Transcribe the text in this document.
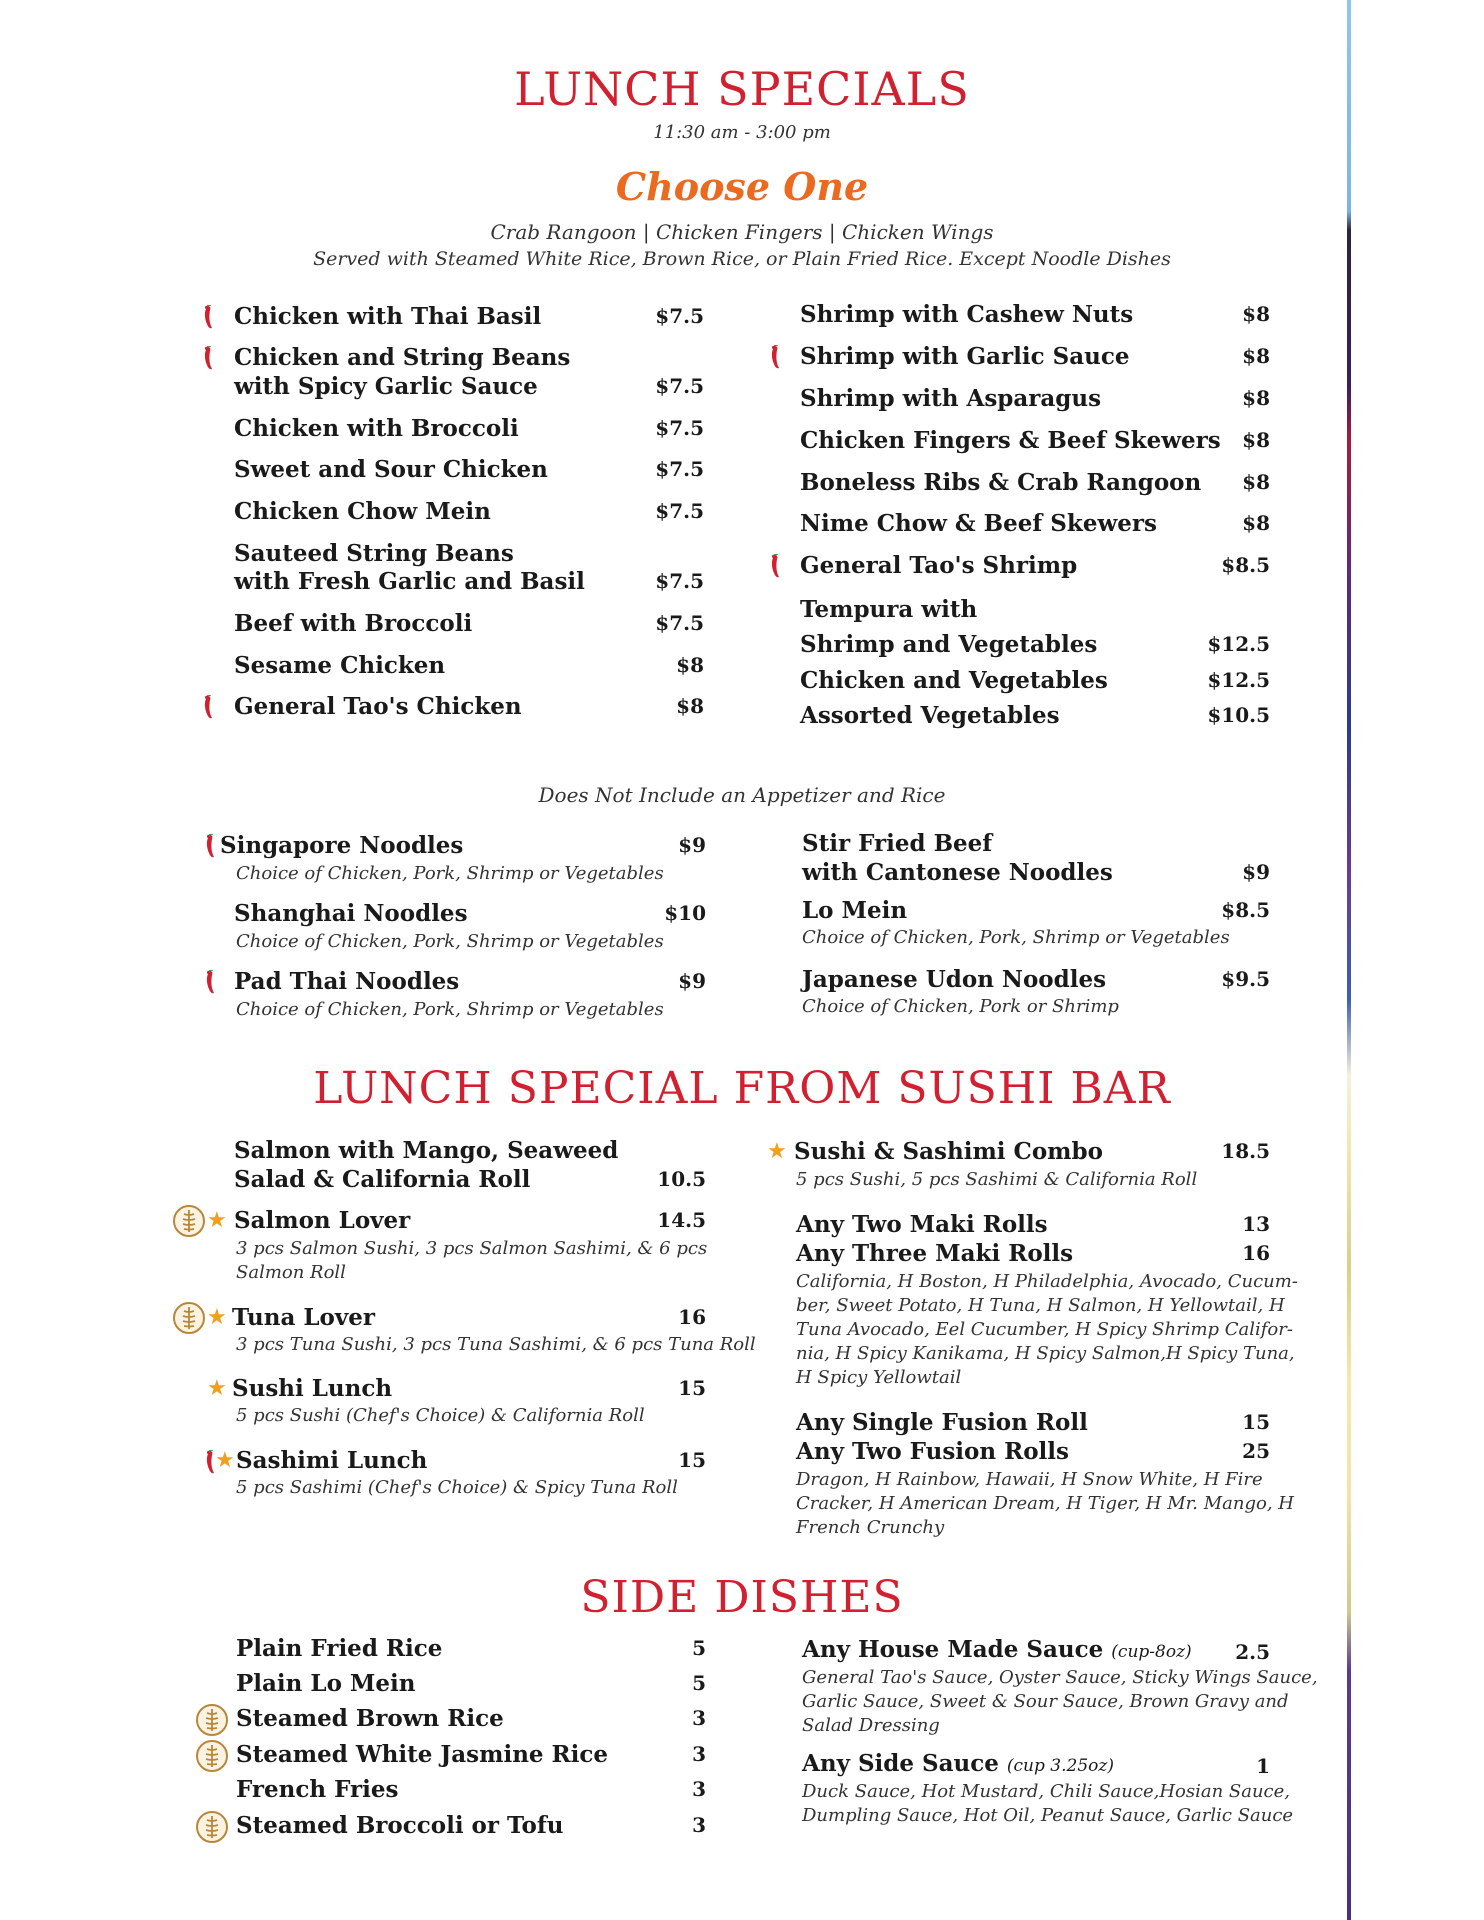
LUNCH SPECIALS
11:30 am - 3:00 pm
Choose One
Crab Rangoon | Chicken Fingers | Chicken Wings
Served with Steamed White Rice, Brown Rice, or Plain Fried Rice. Except Noodle Dishes
Chicken with Thai Basil	$7.5
Chicken and String Beans
with Spicy Garlic Sauce	$7.5
Chicken with Broccoli	$7.5
Sweet and Sour Chicken	$7.5
Chicken Chow Mein	$7.5
Sauteed String Beans
with Fresh Garlic and Basil	$7.5
Beef with Broccoli	$7.5
Sesame Chicken	$8
General Tao's Chicken	$8
Shrimp with Cashew Nuts	$8
Shrimp with Garlic Sauce	$8
Shrimp with Asparagus	$8
Chicken Fingers & Beef Skewers $8
Boneless Ribs & Crab Rangoon $8
Nime Chow & Beef Skewers	$8
General Tao's Shrimp	$8.5
Tempura with
Shrimp and Vegetables	$12.5
Chicken and Vegetables	$12.5
Assorted Vegetables	$10.5
Does Not Include an Appetizer and Rice
Singapore Noodles	$9
Choice of Chicken, Pork, Shrimp or Vegetables
Shanghai Noodles	$10
Choice of Chicken, Pork, Shrimp or Vegetables
Pad Thai Noodles	$9
Choice of Chicken, Pork, Shrimp or Vegetables
Stir Fried Beef
with Cantonese Noodles	$9
Lo Mein	$8.5
Choice of Chicken, Pork, Shrimp or Vegetables
Japanese Udon Noodles	$9.5
Choice of Chicken, Pork or Shrimp
LUNCH SPECIAL FROM SUSHI BAR
Salmon with Mango, Seaweed
Salad & California Roll	10.5
★ Salmon Lover	14.5
3 pcs Salmon Sushi, 3 pcs Salmon Sashimi, & 6 pcs
Salmon Roll
★ Tuna Lover	16
3 pcs Tuna Sushi, 3 pcs Tuna Sashimi, & 6 pcs Tuna Roll
★ Sushi Lunch	15
5 pcs Sushi (Chef's Choice) & California Roll
★ Sashimi Lunch	15
5 pcs Sashimi (Chef's Choice) & Spicy Tuna Roll
★ Sushi & Sashimi Combo	18.5
5 pcs Sushi, 5 pcs Sashimi & California Roll
Any Two Maki Rolls	13
Any Three Maki Rolls	16
California, H Boston, H Philadelphia, Avocado, Cucum-
ber, Sweet Potato, H Tuna, H Salmon, H Yellowtail, H
Tuna Avocado, Eel Cucumber, H Spicy Shrimp Califor-
nia, H Spicy Kanikama, H Spicy Salmon,H Spicy Tuna,
H Spicy Yellowtail
Any Single Fusion Roll	15
Any Two Fusion Rolls	25
Dragon, H Rainbow, Hawaii, H Snow White, H Fire
Cracker, H American Dream, H Tiger, H Mr. Mango, H
French Crunchy
SIDE DISHES
Plain Fried Rice	5
Plain Lo Mein	5
Steamed Brown Rice	3
Steamed White Jasmine Rice	3
French Fries	3
Steamed Broccoli or Tofu	3
Any House Made Sauce (cup-8oz) 2.5
General Tao's Sauce, Oyster Sauce, Sticky Wings Sauce,
Garlic Sauce, Sweet & Sour Sauce, Brown Gravy and
Salad Dressing
Any Side Sauce (cup 3.25oz)	1
Duck Sauce, Hot Mustard, Chili Sauce,Hosian Sauce,
Dumpling Sauce, Hot Oil, Peanut Sauce, Garlic Sauce
